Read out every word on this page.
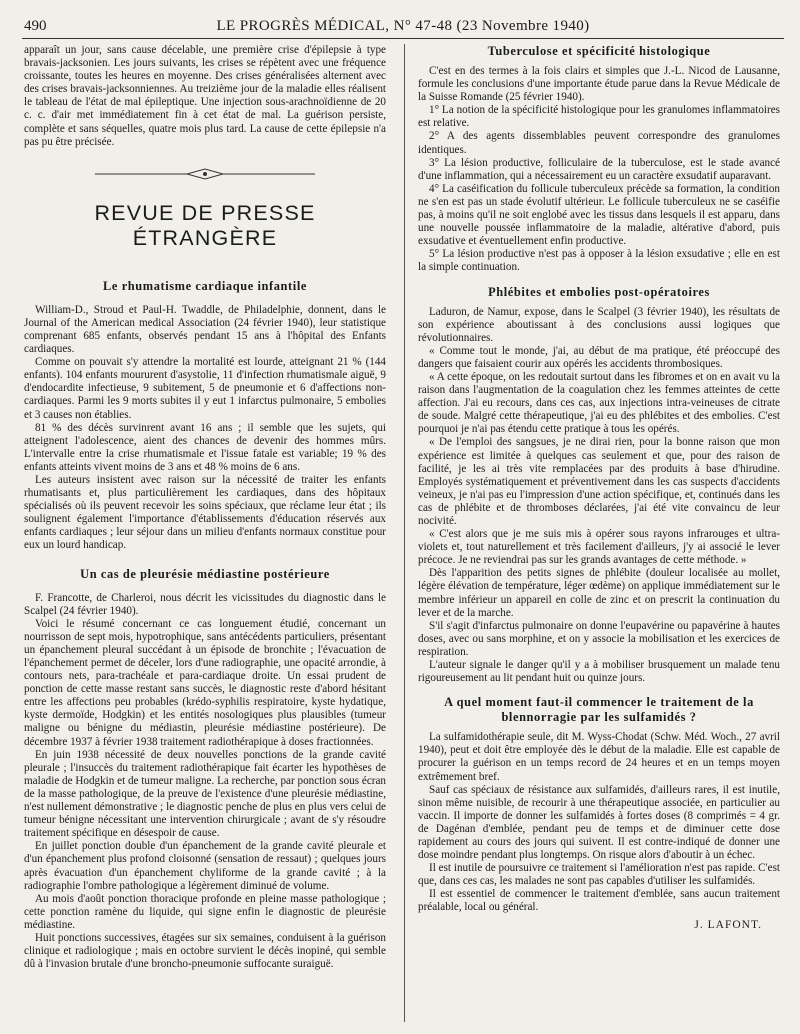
490	LE PROGRÈS MÉDICAL, N° 47-48 (23 Novembre 1940)

apparaît un jour, sans cause décelable, une première crise d'épilepsie à type bravais-jacksonien. Les jours suivants, les crises se répètent avec une fréquence croissante, toutes les heures en moyenne. Des crises généralisées alternent avec des crises bravais-jacksonniennes. Au treizième jour de la maladie elles réalisent le tableau de l'état de mal épileptique. Une injection sous-arachnoïdienne de 20 c. c. d'air met immédiatement fin à cet état de mal. La guérison persiste, complète et sans séquelles, quatre mois plus tard. La cause de cette épilepsie n'a pas pu être précisée.

REVUE DE PRESSE ÉTRANGÈRE
Le rhumatisme cardiaque infantile

William-D., Stroud et Paul-H. Twaddle, de Philadelphie, donnent, dans le Journal of the American medical Association (24 février 1940), leur statistique comprenant 685 enfants, observés pendant 15 ans à l'hôpital des Enfants cardiaques.

Comme on pouvait s'y attendre la mortalité est lourde, atteignant 21 % (144 enfants). 104 enfants moururent d'asystolie, 11 d'infection rhumatismale aiguë, 9 d'endocardite infectieuse, 9 subitement, 5 de pneumonie et 6 d'affections non-cardiaques. Parmi les 9 morts subites il y eut 1 infarctus pulmonaire, 5 embolies et 3 causes non établies.

81 % des décès survinrent avant 16 ans ; il semble que les sujets, qui atteignent l'adolescence, aient des chances de devenir des hommes mûrs. L'intervalle entre la crise rhumatismale et l'issue fatale est variable; 19 % des enfants atteints vivent moins de 3 ans et 48 % moins de 6 ans.

Les auteurs insistent avec raison sur la nécessité de traiter les enfants rhumatisants et, plus particulièrement les cardiaques, dans des hôpitaux spécialisés où ils peuvent recevoir les soins spéciaux, que réclame leur état ; ils soulignent également l'importance d'établissements d'éducation réservés aux enfants cardiaques ; leur séjour dans un milieu d'enfants normaux constitue pour eux un lourd handicap.

Un cas de pleurésie médiastine postérieure

F. Francotte, de Charleroi, nous décrit les vicissitudes du diagnostic dans le Scalpel (24 février 1940).

Voici le résumé concernant ce cas longuement étudié, concernant un nourrisson de sept mois, hypotrophique, sans antécédents particuliers, présentant un épanchement pleural succédant à un épisode de bronchite ; l'évacuation de l'épanchement permet de déceler, lors d'une radiographie, une opacité arrondie, à contours nets, para-trachéale et para-cardiaque droite. Un essai prudent de ponction de cette masse restant sans succès, le diagnostic reste d'abord hésitant entre les affections peu probables (krédo-syphilis respiratoire, kyste hydatique, kyste dermoïde, Hodgkin) et les entités nosologiques plus plausibles (tumeur maligne ou bénigne du médiastin, pleurésie médiastine postérieure). De décembre 1937 à février 1938 traitement radiothérapique à doses fractionnées.

En juin 1938 nécessité de deux nouvelles ponctions de la grande cavité pleurale ; l'insuccès du traitement radiothérapique fait écarter les hypothèses de maladie de Hodgkin et de tumeur maligne. La recherche, par ponction sous écran de la masse pathologique, de la preuve de l'existence d'une pleurésie médiastine, n'est nullement démonstrative ; le diagnostic penche de plus en plus vers celui de tumeur bénigne nécessitant une intervention chirurgicale ; avant de s'y résoudre traitement spécifique en désespoir de cause.

En juillet ponction double d'un épanchement de la grande cavité pleurale et d'un épanchement plus profond cloisonné (sensation de ressaut) ; quelques jours après évacuation d'un épanchement chyliforme de la grande cavité ; à la radiographie l'ombre pathologique a légèrement diminué de volume.

Au mois d'août ponction thoracique profonde en pleine masse pathologique ; cette ponction ramène du liquide, qui signe enfin le diagnostic de pleurésie médiastine.

Huit ponctions successives, étagées sur six semaines, conduisent à la guérison clinique et radiologique ; mais en octobre survient le décès inopiné, qui semble dû à l'invasion brutale d'une broncho-pneumonie suffocante suraiguë.

Tuberculose et spécificité histologique

C'est en des termes à la fois clairs et simples que J.-L. Nicod de Lausanne, formule les conclusions d'une importante étude parue dans la Revue Médicale de la Suisse Romande (25 février 1940).

1° La notion de la spécificité histologique pour les granulomes inflammatoires est relative.

2° A des agents dissemblables peuvent correspondre des granulomes identiques.

3° La lésion productive, folliculaire de la tuberculose, est le stade avancé d'une inflammation, qui a nécessairement eu un caractère exsudatif auparavant.

4° La caséification du follicule tuberculeux précède sa formation, la condition ne s'en est pas un stade évolutif ultérieur. Le follicule tuberculeux ne se caséifie pas, à moins qu'il ne soit englobé avec les tissus dans lesquels il est apparu, dans une nouvelle poussée inflammatoire de la maladie, altérative d'abord, puis exsudative et éventuellement enfin productive.

5° La lésion productive n'est pas à opposer à la lésion exsudative ; elle en est la simple continuation.

Phlébites et embolies post-opératoires

Laduron, de Namur, expose, dans le Scalpel (3 février 1940), les résultats de son expérience aboutissant à des conclusions aussi logiques que révolutionnaires.

« Comme tout le monde, j'ai, au début de ma pratique, été préoccupé des dangers que faisaient courir aux opérés les accidents thrombosiques.

« A cette époque, on les redoutait surtout dans les fibromes et on en avait vu la raison dans l'augmentation de la coagulation chez les femmes atteintes de cette affection. J'ai eu recours, dans ces cas, aux injections intra-veineuses de citrate de soude. Malgré cette thérapeutique, j'ai eu des phlébites et des embolies. C'est pourquoi je n'ai pas étendu cette pratique à tous les opérés.

« De l'emploi des sangsues, je ne dirai rien, pour la bonne raison que mon expérience est limitée à quelques cas seulement et que, pour des raison de facilité, je les ai très vite remplacées par des produits à base d'hirudine. Employés systématiquement et préventivement dans les cas suspects d'accidents veineux, je n'ai pas eu l'impression d'une action spécifique, et, continués dans les cas de phlébite et de thromboses déclarées, j'ai été vite convaincu de leur nocivité.

« C'est alors que je me suis mis à opérer sous rayons infrarouges et ultra-violets et, tout naturellement et très facilement d'ailleurs, j'y ai associé le lever précoce. Je ne reviendrai pas sur les grands avantages de cette méthode. »

Dès l'apparition des petits signes de phlébite (douleur localisée au mollet, légère élévation de température, léger œdème) on applique immédiatement sur le membre inférieur un appareil en colle de zinc et on prescrit la continuation du lever et de la marche.

S'il s'agit d'infarctus pulmonaire on donne l'eupavérine ou papavérine à hautes doses, avec ou sans morphine, et on y associe la mobilisation et les exercices de respiration.

L'auteur signale le danger qu'il y a à mobiliser brusquement un malade tenu rigoureusement au lit pendant huit ou quinze jours.

A quel moment faut-il commencer le traitement de la blennorragie par les sulfamidés ?

La sulfamidothérapie seule, dit M. Wyss-Chodat (Schw. Méd. Woch., 27 avril 1940), peut et doit être employée dès le début de la maladie. Elle est capable de procurer la guérison en un temps record de 24 heures et en un temps moyen extrêmement bref.

Sauf cas spéciaux de résistance aux sulfamidés, d'ailleurs rares, il est inutile, sinon même nuisible, de recourir à une thérapeutique associée, en particulier au vaccin. Il importe de donner les sulfamidés à fortes doses (8 comprimés = 4 gr. de Dagénan d'emblée, pendant peu de temps et de diminuer cette dose rapidement au cours des jours qui suivent. Il est contre-indiqué de donner une dose moindre pendant plus longtemps. On risque alors d'aboutir à un échec.

Il est inutile de poursuivre ce traitement si l'amélioration n'est pas rapide. C'est que, dans ces cas, les malades ne sont pas capables d'utiliser les sulfamidés.

Il est essentiel de commencer le traitement d'emblée, sans aucun traitement préalable, local ou général.

J. LAFONT.
